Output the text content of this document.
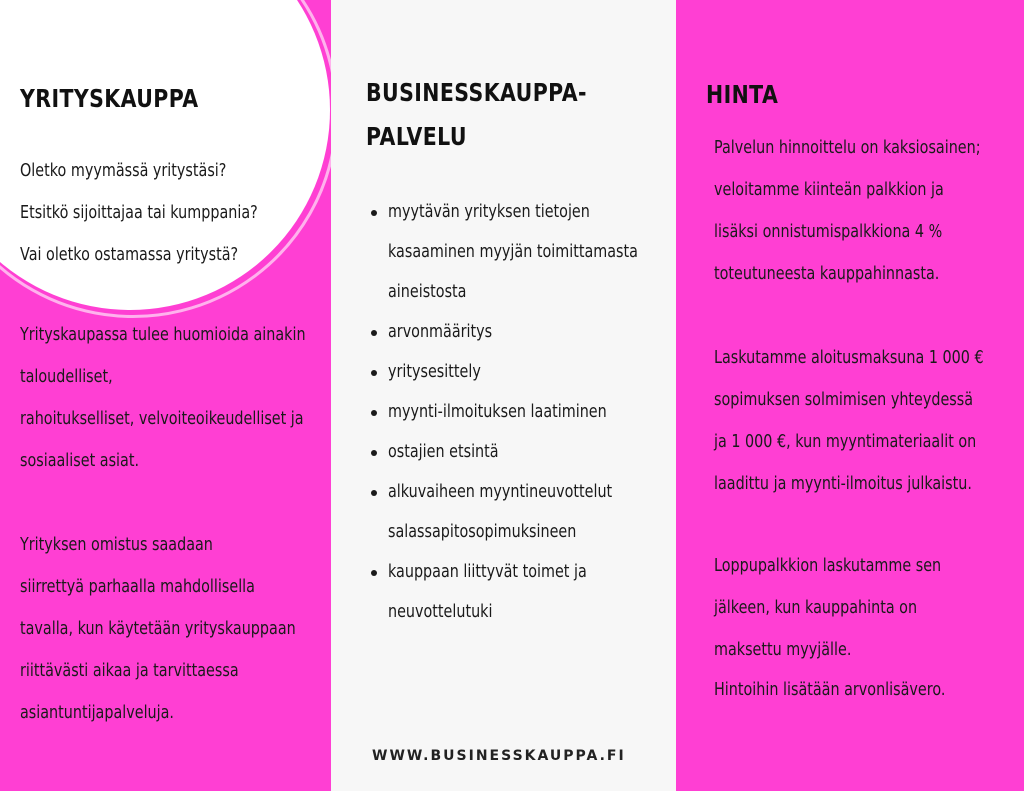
YRITYSKAUPPA

Oletko myymässä yritystäsi?

Etsitkö sijoittajaa tai kumppania?

Vai oletko ostamassa yritystä?

Yrityskaupassa tulee huomioida ainakin

taloudelliset,

rahoitukselliset, velvoiteoikeudelliset ja

sosiaaliset asiat.

Yrityksen omistus saadaan

siirrettyä parhaalla mahdollisella

tavalla, kun käytetään yrityskauppaan

riittävästi aikaa ja tarvittaessa

asiantuntijapalveluja.

BUSINESSKAUPPA-
PALVELU
myytävän yrityksen tietojen
kasaaminen myyjän toimittamasta
aineistosta
arvonmääritys
yritysesittely
myynti-ilmoituksen laatiminen
ostajien etsintä
alkuvaiheen myyntineuvottelut
salassapitosopimuksineen
kauppaan liittyvät toimet ja
neuvottelutuki

WWW.BUSINESSKAUPPA.FI

HINTA

Palvelun hinnoittelu on kaksiosainen;

veloitamme kiinteän palkkion ja

lisäksi onnistumispalkkiona 4 %

toteutuneesta kauppahinnasta.

Laskutamme aloitusmaksuna 1 000 €

sopimuksen solmimisen yhteydessä

ja 1 000 €, kun myyntimateriaalit on

laadittu ja myynti-ilmoitus julkaistu.

Loppupalkkion laskutamme sen

jälkeen, kun kauppahinta on

maksettu myyjälle.

Hintoihin lisätään arvonlisävero.
